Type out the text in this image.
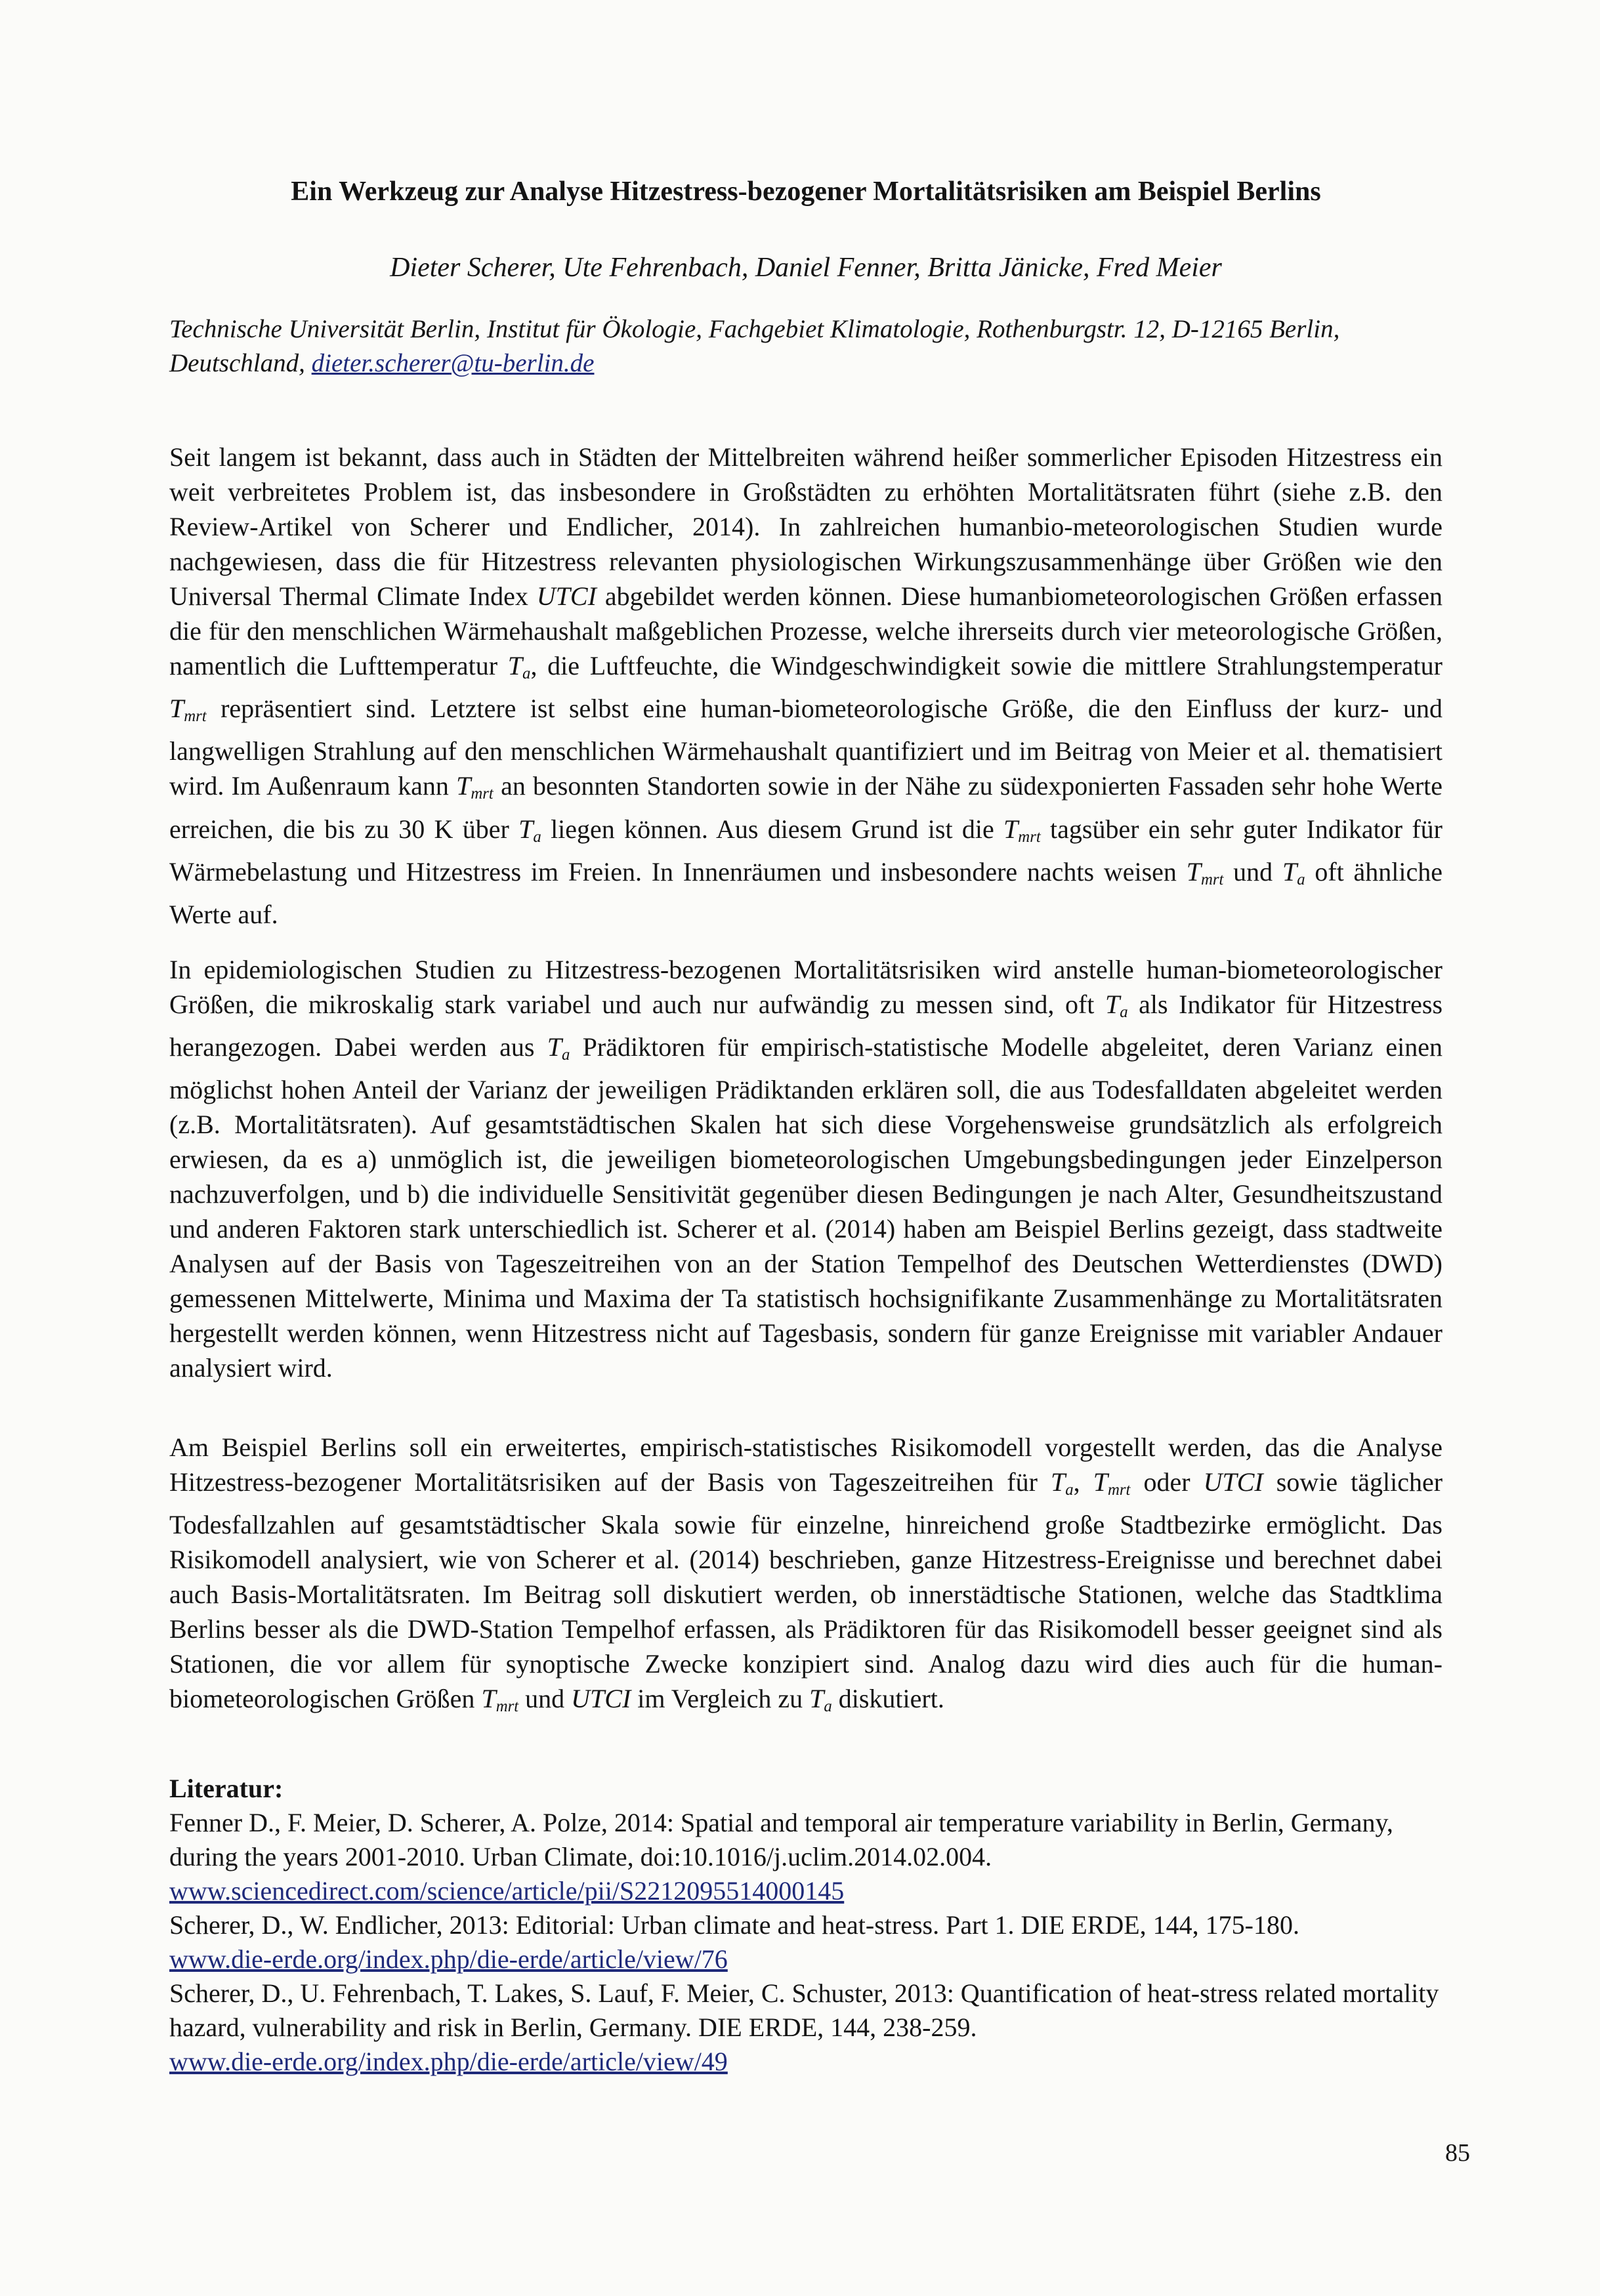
Ein Werkzeug zur Analyse Hitzestress-bezogener Mortalitätsrisiken am Beispiel Berlins
Dieter Scherer, Ute Fehrenbach, Daniel Fenner, Britta Jänicke, Fred Meier
Technische Universität Berlin, Institut für Ökologie, Fachgebiet Klimatologie, Rothenburgstr. 12, D-12165 Berlin, Deutschland, dieter.scherer@tu-berlin.de

Seit langem ist bekannt, dass auch in Städten der Mittelbreiten während heißer sommerlicher Episoden Hitzestress ein weit verbreitetes Problem ist, das insbesondere in Großstädten zu erhöhten Mortalitätsraten führt (siehe z.B. den Review-Artikel von Scherer und Endlicher, 2014). In zahlreichen humanbio-meteorologischen Studien wurde nachgewiesen, dass die für Hitzestress relevanten physiologischen Wirkungszusammenhänge über Größen wie den Universal Thermal Climate Index UTCI abgebildet werden können. Diese humanbiometeorologischen Größen erfassen die für den menschlichen Wärmehaushalt maßgeblichen Prozesse, welche ihrerseits durch vier meteorologische Größen, namentlich die Lufttemperatur $T_a$, die Luftfeuchte, die Windgeschwindigkeit sowie die mittlere Strahlungstemperatur $T_{mrt}$ repräsentiert sind. Letztere ist selbst eine human-biometeorologische Größe, die den Einfluss der kurz- und langwelligen Strahlung auf den menschlichen Wärmehaushalt quantifiziert und im Beitrag von Meier et al. thematisiert wird. Im Außenraum kann $T_{mrt}$ an besonnten Standorten sowie in der Nähe zu südexponierten Fassaden sehr hohe Werte erreichen, die bis zu 30 K über $T_a$ liegen können. Aus diesem Grund ist die $T_{mrt}$ tagsüber ein sehr guter Indikator für Wärmebelastung und Hitzestress im Freien. In Innenräumen und insbesondere nachts weisen $T_{mrt}$ und $T_a$ oft ähnliche Werte auf.

In epidemiologischen Studien zu Hitzestress-bezogenen Mortalitätsrisiken wird anstelle human-biometeorologischer Größen, die mikroskalig stark variabel und auch nur aufwändig zu messen sind, oft $T_a$ als Indikator für Hitzestress herangezogen. Dabei werden aus $T_a$ Prädiktoren für empirisch-statistische Modelle abgeleitet, deren Varianz einen möglichst hohen Anteil der Varianz der jeweiligen Prädiktanden erklären soll, die aus Todesfalldaten abgeleitet werden (z.B. Mortalitätsraten). Auf gesamtstädtischen Skalen hat sich diese Vorgehensweise grundsätzlich als erfolgreich erwiesen, da es a) unmöglich ist, die jeweiligen biometeorologischen Umgebungsbedingungen jeder Einzelperson nachzuverfolgen, und b) die individuelle Sensitivität gegenüber diesen Bedingungen je nach Alter, Gesundheitszustand und anderen Faktoren stark unterschiedlich ist. Scherer et al. (2014) haben am Beispiel Berlins gezeigt, dass stadtweite Analysen auf der Basis von Tageszeitreihen von an der Station Tempelhof des Deutschen Wetterdienstes (DWD) gemessenen Mittelwerte, Minima und Maxima der Ta statistisch hochsignifikante Zusammenhänge zu Mortalitätsraten hergestellt werden können, wenn Hitzestress nicht auf Tagesbasis, sondern für ganze Ereignisse mit variabler Andauer analysiert wird.

Am Beispiel Berlins soll ein erweitertes, empirisch-statistisches Risikomodell vorgestellt werden, das die Analyse Hitzestress-bezogener Mortalitätsrisiken auf der Basis von Tageszeitreihen für $T_a$, $T_{mrt}$ oder UTCI sowie täglicher Todesfallzahlen auf gesamtstädtischer Skala sowie für einzelne, hinreichend große Stadtbezirke ermöglicht. Das Risikomodell analysiert, wie von Scherer et al. (2014) beschrieben, ganze Hitzestress-Ereignisse und berechnet dabei auch Basis-Mortalitätsraten. Im Beitrag soll diskutiert werden, ob innerstädtische Stationen, welche das Stadtklima Berlins besser als die DWD-Station Tempelhof erfassen, als Prädiktoren für das Risikomodell besser geeignet sind als Stationen, die vor allem für synoptische Zwecke konzipiert sind. Analog dazu wird dies auch für die human-biometeorologischen Größen $T_{mrt}$ und UTCI im Vergleich zu $T_a$ diskutiert.

Literatur:
Fenner D., F. Meier, D. Scherer, A. Polze, 2014: Spatial and temporal air temperature variability in Berlin, Germany, during the years 2001-2010. Urban Climate, doi:10.1016/j.uclim.2014.02.004.
www.sciencedirect.com/science/article/pii/S2212095514000145
Scherer, D., W. Endlicher, 2013: Editorial: Urban climate and heat-stress. Part 1. DIE ERDE, 144, 175-180.
www.die-erde.org/index.php/die-erde/article/view/76
Scherer, D., U. Fehrenbach, T. Lakes, S. Lauf, F. Meier, C. Schuster, 2013: Quantification of heat-stress related mortality hazard, vulnerability and risk in Berlin, Germany. DIE ERDE, 144, 238-259.
www.die-erde.org/index.php/die-erde/article/view/49
85
